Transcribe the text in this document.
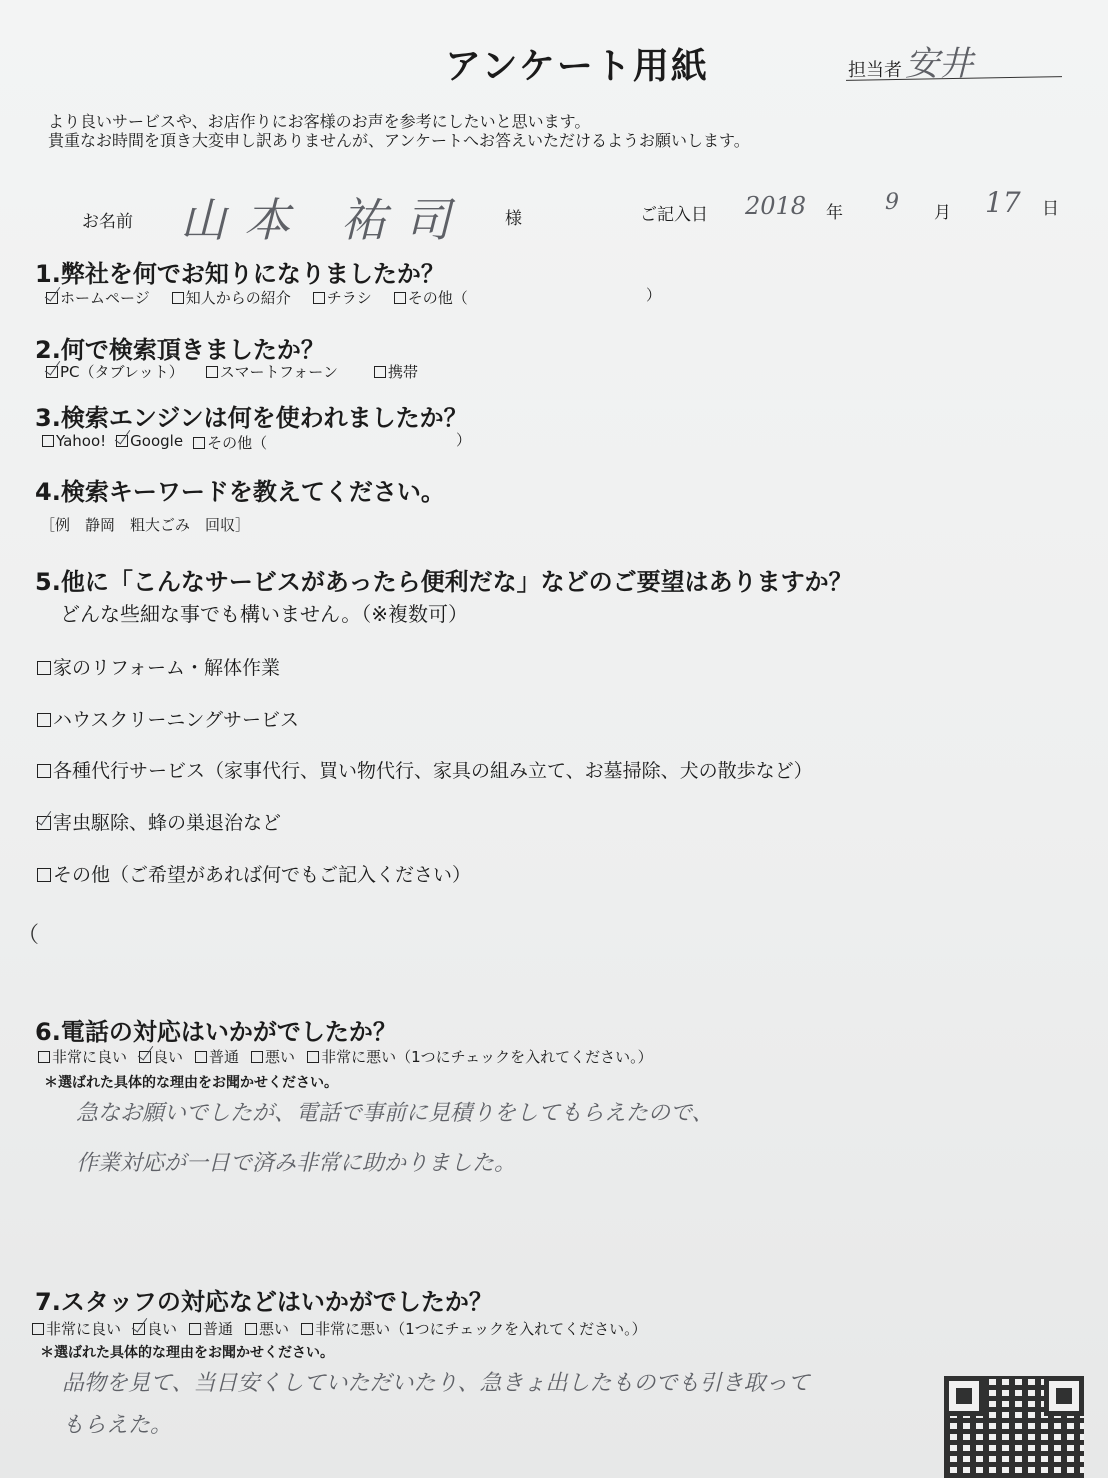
アンケート用紙	担当者 安井
より良いサービスや、お店作りにお客様のお声を参考にしたいと思います。
貴重なお時間を頂き大変申し訳ありませんが、アンケートへお答えいただけるようお願いします。
お名前 山本 祐司 様	ご記入日 2018 年 9 月 17 日
1.弊社を何でお知りになりましたか？
ホームページ	知人からの紹介	チラシ	その他（	）
2.何で検索頂きましたか？
PC（タブレット）	スマートフォーン	携帯
3.検索エンジンは何を使われましたか？
Yahoo!	Google	その他（	）
4.検索キーワードを教えてください。
［例　静岡　粗大ごみ　回収］
5.他に「こんなサービスがあったら便利だな」などのご要望はありますか？
どんな些細な事でも構いません。（※複数可）
家のリフォーム・解体作業
ハウスクリーニングサービス
各種代行サービス（家事代行、買い物代行、家具の組み立て、お墓掃除、犬の散歩など）
害虫駆除、蜂の巣退治など
その他（ご希望があれば何でもご記入ください）
（
6.電話の対応はいかがでしたか？
非常に良い	良い	普通	悪い	非常に悪い（1つにチェックを入れてください。）
＊選ばれた具体的な理由をお聞かせください。
急なお願いでしたが、電話で事前に見積りをしてもらえたので、
作業対応が一日で済み非常に助かりました。
7.スタッフの対応などはいかがでしたか？
非常に良い	良い	普通	悪い	非常に悪い（1つにチェックを入れてください。）
＊選ばれた具体的な理由をお聞かせください。
品物を見て、当日安くしていただいたり、急きょ出したものでも引き取って
もらえた。
